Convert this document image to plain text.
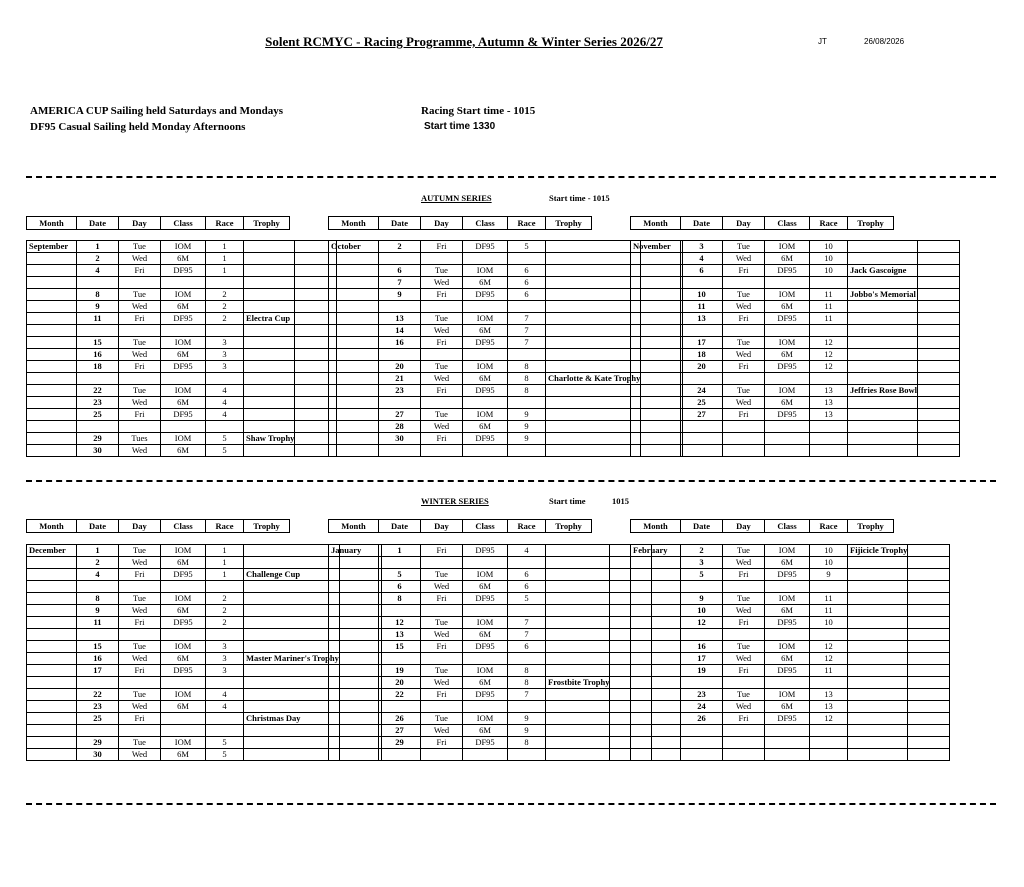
Solent RCMYC - Racing Programme, Autumn & Winter Series 2026/27	JT	26/08/2026
AMERICA CUP Sailing held Saturdays and Mondays	Racing Start time - 1015
DF95 Casual Sailing held Monday Afternoons	Start time 1330
AUTUMN SERIES	Start time - 1015
WINTER SERIES	Start time	1015
Month	Date	Day	Class	Race	Trophy
September	1	Tue	IOM	1		
	2	Wed	6M	1		
	4	Fri	DF95	1		

	8	Tue	IOM	2		
	9	Wed	6M	2		
	11	Fri	DF95	2	Electra Cup	

	15	Tue	IOM	3		
	16	Wed	6M	3		
	18	Fri	DF95	3		

	22	Tue	IOM	4		
	23	Wed	6M	4		
	25	Fri	DF95	4		

	29	Tues	IOM	5	Shaw Trophy	
	30	Wed	6M	5		
Month	Date	Day	Class	Race	Trophy
October	2	Fri	DF95	5		

	6	Tue	IOM	6		
	7	Wed	6M	6		
	9	Fri	DF95	6		

	13	Tue	IOM	7		
	14	Wed	6M	7		
	16	Fri	DF95	7		

	20	Tue	IOM	8		
	21	Wed	6M	8	Charlotte & Kate Trophy	
	23	Fri	DF95	8		

	27	Tue	IOM	9		
	28	Wed	6M	9		
	30	Fri	DF95	9		

Month	Date	Day	Class	Race	Trophy
November	3	Tue	IOM	10		
	4	Wed	6M	10		
	6	Fri	DF95	10	Jack Gascoigne	

	10	Tue	IOM	11	Jobbo's Memorial	
	11	Wed	6M	11		
	13	Fri	DF95	11		

	17	Tue	IOM	12		
	18	Wed	6M	12		
	20	Fri	DF95	12		

	24	Tue	IOM	13	Jeffries Rose Bowl	
	25	Wed	6M	13		
	27	Fri	DF95	13		

Month	Date	Day	Class	Race	Trophy
December	1	Tue	IOM	1		
	2	Wed	6M	1		
	4	Fri	DF95	1	Challenge Cup	

	8	Tue	IOM	2		
	9	Wed	6M	2		
	11	Fri	DF95	2		

	15	Tue	IOM	3		
	16	Wed	6M	3	Master Mariner's Trophy	
	17	Fri	DF95	3		

	22	Tue	IOM	4		
	23	Wed	6M	4		
	25	Fri			Christmas Day	

	29	Tue	IOM	5		
	30	Wed	6M	5		
Month	Date	Day	Class	Race	Trophy
January	1	Fri	DF95	4		

	5	Tue	IOM	6		
	6	Wed	6M	6		
	8	Fri	DF95	5		

	12	Tue	IOM	7		
	13	Wed	6M	7		
	15	Fri	DF95	6		

	19	Tue	IOM	8		
	20	Wed	6M	8	Frostbite Trophy	
	22	Fri	DF95	7		

	26	Tue	IOM	9		
	27	Wed	6M	9		
	29	Fri	DF95	8		

Month	Date	Day	Class	Race	Trophy
February	2	Tue	IOM	10	Fijicicle Trophy	
	3	Wed	6M	10		
	5	Fri	DF95	9		

	9	Tue	IOM	11		
	10	Wed	6M	11		
	12	Fri	DF95	10		

	16	Tue	IOM	12		
	17	Wed	6M	12		
	19	Fri	DF95	11		

	23	Tue	IOM	13		
	24	Wed	6M	13		
	26	Fri	DF95	12		
